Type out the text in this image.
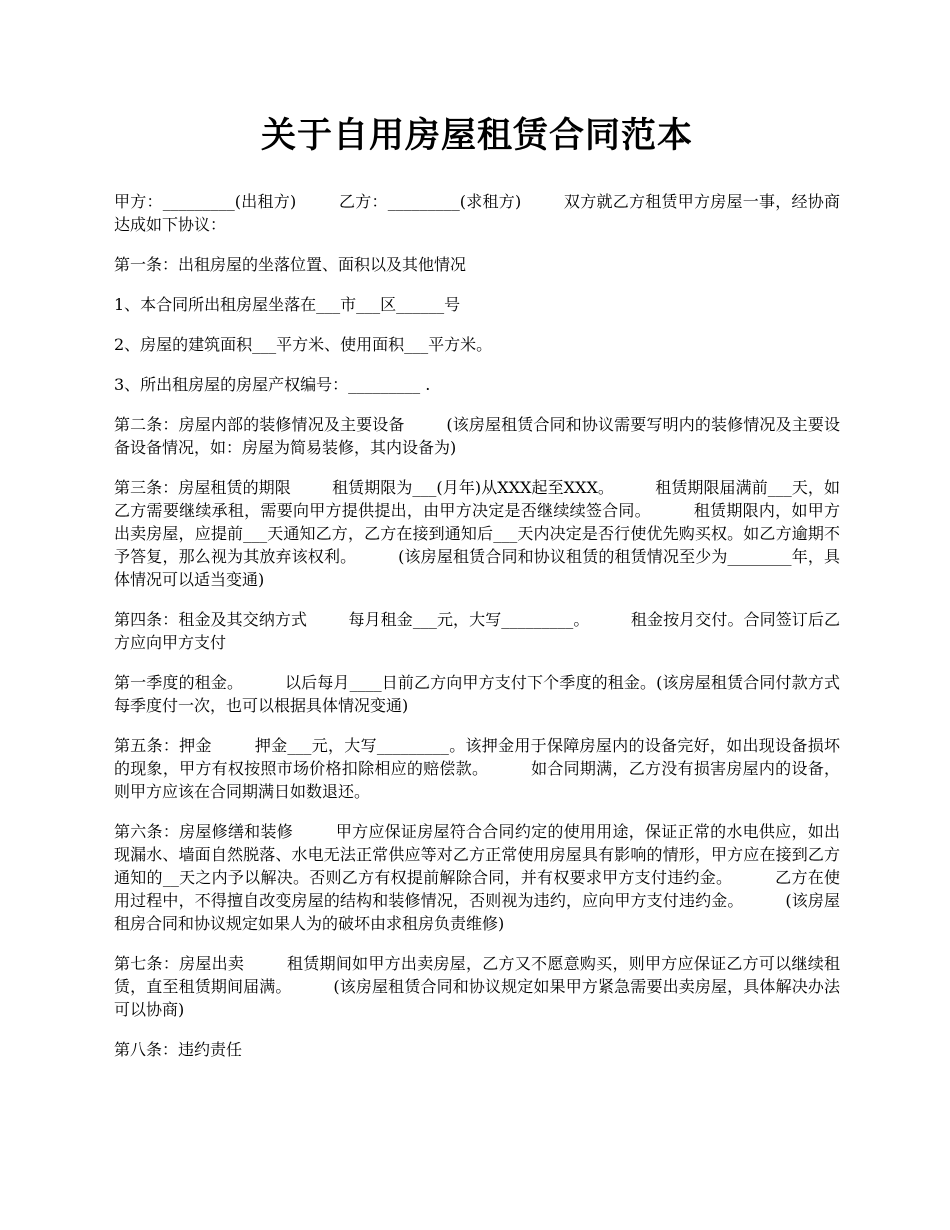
关于自用房屋租赁合同范本

甲方：_________(出租方)        乙方：_________(求租方)        双方就乙方租赁甲方房屋一事，经协商达成如下协议：

第一条：出租房屋的坐落位置、面积以及其他情况

1、本合同所出租房屋坐落在___市___区______号

2、房屋的建筑面积___平方米、使用面积___平方米。

3、所出租房屋的房屋产权编号：_________ .

第二条：房屋内部的装修情况及主要设备        (该房屋租赁合同和协议需要写明内的装修情况及主要设备设备情况，如：房屋为简易装修，其内设备为)

第三条：房屋租赁的期限        租赁期限为___(月年)从XXX起至XXX。        租赁期限届满前___天，如乙方需要继续承租，需要向甲方提供提出，由甲方决定是否继续续签合同。        租赁期限内，如甲方出卖房屋，应提前___天通知乙方，乙方在接到通知后___天内决定是否行使优先购买权。如乙方逾期不予答复，那么视为其放弃该权利。        (该房屋租赁合同和协议租赁的租赁情况至少为________年，具体情况可以适当变通)

第四条：租金及其交纳方式        每月租金___元，大写_________。        租金按月交付。合同签订后乙方应向甲方支付

第一季度的租金。        以后每月____日前乙方向甲方支付下个季度的租金。(该房屋租赁合同付款方式每季度付一次，也可以根据具体情况变通)

第五条：押金        押金___元，大写_________。该押金用于保障房屋内的设备完好，如出现设备损坏的现象，甲方有权按照市场价格扣除相应的赔偿款。        如合同期满，乙方没有损害房屋内的设备，则甲方应该在合同期满日如数退还。

第六条：房屋修缮和装修        甲方应保证房屋符合合同约定的使用用途，保证正常的水电供应，如出现漏水、墙面自然脱落、水电无法正常供应等对乙方正常使用房屋具有影响的情形，甲方应在接到乙方通知的__天之内予以解决。否则乙方有权提前解除合同，并有权要求甲方支付违约金。        乙方在使用过程中，不得擅自改变房屋的结构和装修情况，否则视为违约，应向甲方支付违约金。        (该房屋租房合同和协议规定如果人为的破坏由求租房负责维修)

第七条：房屋出卖        租赁期间如甲方出卖房屋，乙方又不愿意购买，则甲方应保证乙方可以继续租赁，直至租赁期间届满。        (该房屋租赁合同和协议规定如果甲方紧急需要出卖房屋，具体解决办法可以协商)

第八条：违约责任
